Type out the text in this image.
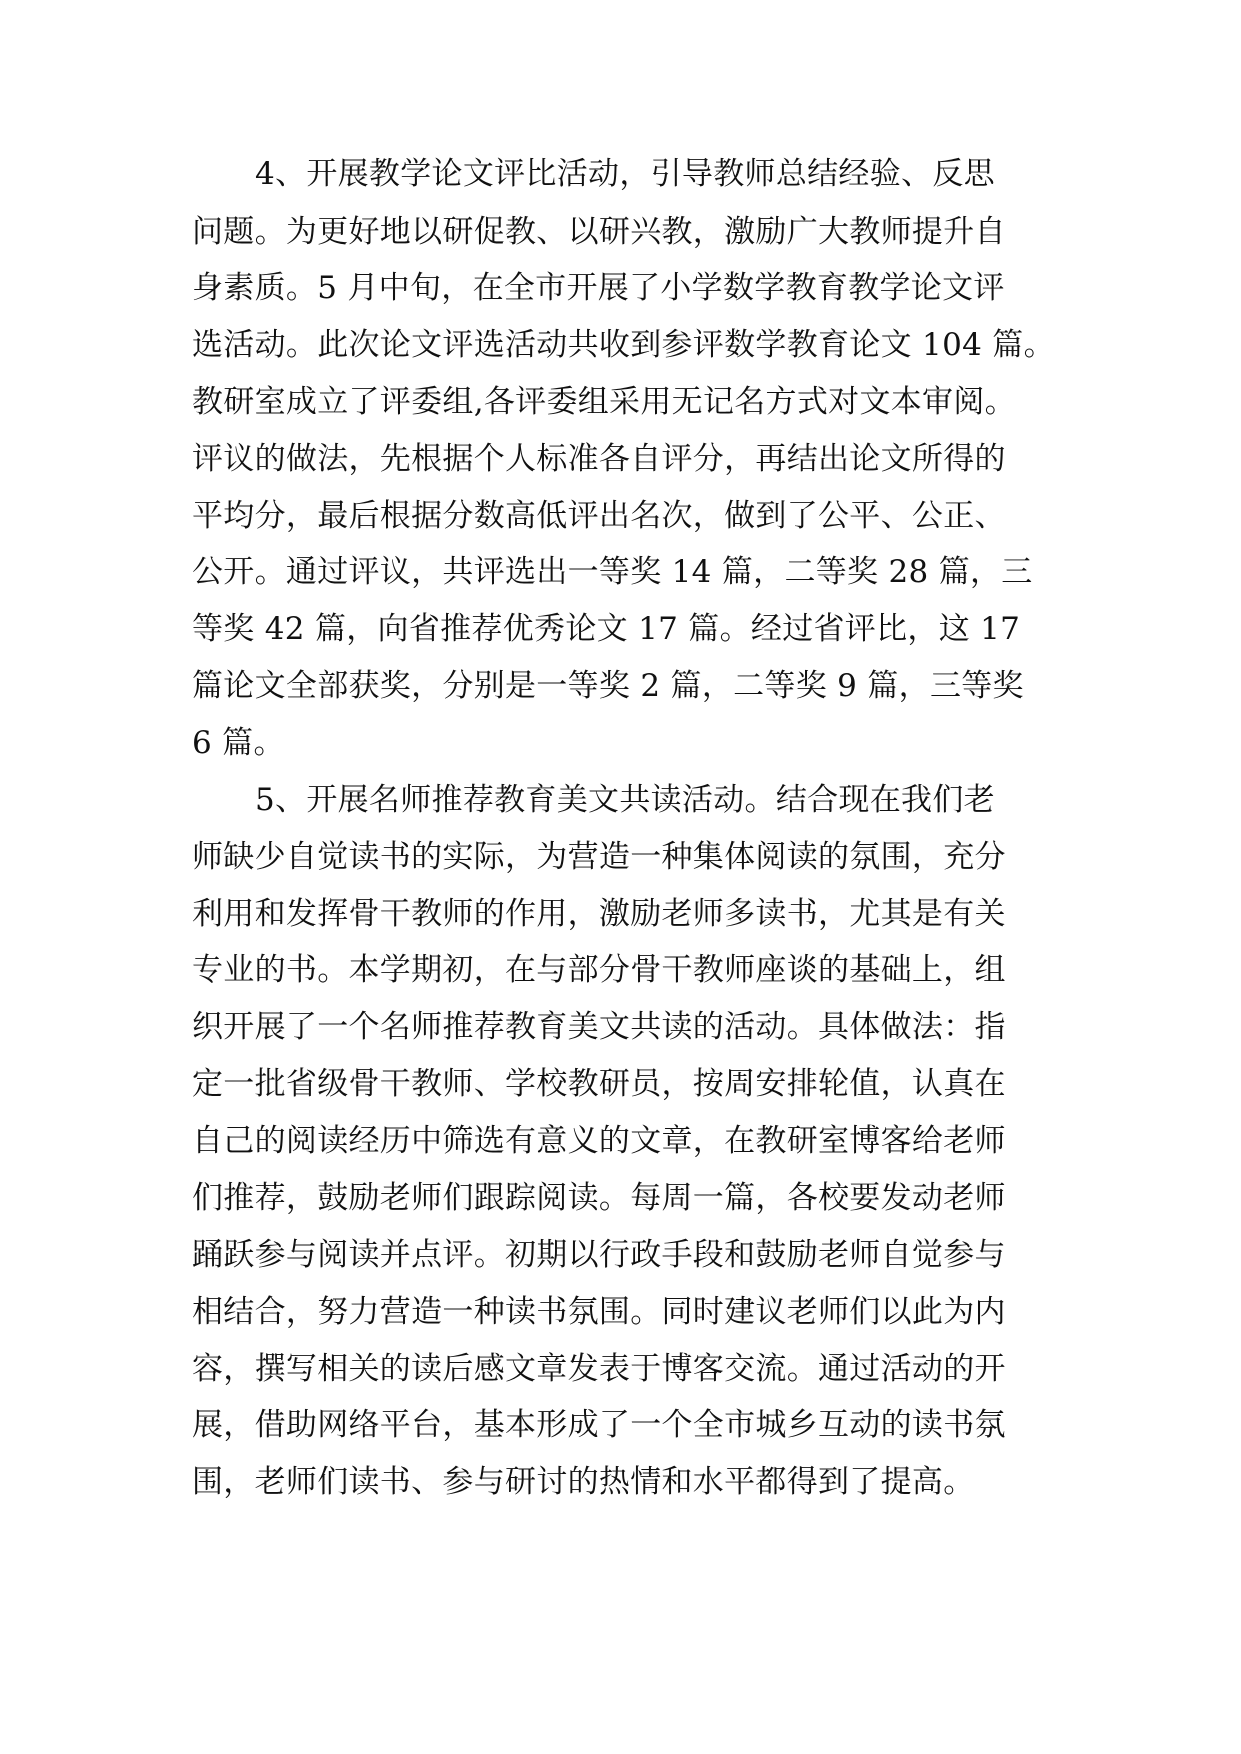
4、开展教学论文评比活动，引导教师总结经验、反思
问题。为更好地以研促教、以研兴教，激励广大教师提升自
身素质。5 月中旬，在全市开展了小学数学教育教学论文评
选活动。此次论文评选活动共收到参评数学教育论文 104 篇。
教研室成立了评委组,各评委组采用无记名方式对文本审阅。
评议的做法，先根据个人标准各自评分，再结出论文所得的
平均分，最后根据分数高低评出名次，做到了公平、公正、
公开。通过评议，共评选出一等奖 14 篇，二等奖 28 篇，三
等奖 42 篇，向省推荐优秀论文 17 篇。经过省评比，这 17
篇论文全部获奖，分别是一等奖 2 篇，二等奖 9 篇，三等奖
6 篇。
5、开展名师推荐教育美文共读活动。结合现在我们老
师缺少自觉读书的实际，为营造一种集体阅读的氛围，充分
利用和发挥骨干教师的作用，激励老师多读书，尤其是有关
专业的书。本学期初，在与部分骨干教师座谈的基础上，组
织开展了一个名师推荐教育美文共读的活动。具体做法：指
定一批省级骨干教师、学校教研员，按周安排轮值，认真在
自己的阅读经历中筛选有意义的文章，在教研室博客给老师
们推荐，鼓励老师们跟踪阅读。每周一篇，各校要发动老师
踊跃参与阅读并点评。初期以行政手段和鼓励老师自觉参与
相结合，努力营造一种读书氛围。同时建议老师们以此为内
容，撰写相关的读后感文章发表于博客交流。通过活动的开
展，借助网络平台，基本形成了一个全市城乡互动的读书氛
围，老师们读书、参与研讨的热情和水平都得到了提高。
